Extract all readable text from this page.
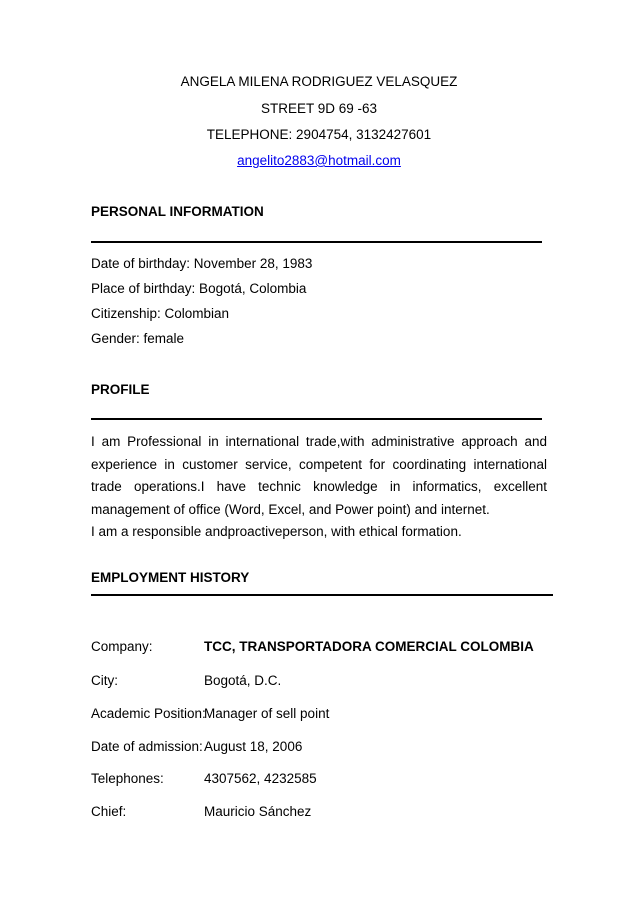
ANGELA MILENA RODRIGUEZ VELASQUEZ
STREET 9D 69 -63
TELEPHONE: 2904754, 3132427601
angelito2883@hotmail.com
PERSONAL INFORMATION
Date of birthday: November 28, 1983
Place of birthday: Bogotá, Colombia
Citizenship: Colombian
Gender: female
PROFILE

I am Professional in international trade,with administrative approach and experience in customer service, competent for coordinating international trade operations.I have technic knowledge in informatics, excellent management of office (Word, Excel, and Power point) and internet.

I am a responsible andproactiveperson, with ethical formation.

EMPLOYMENT HISTORY
Company:	TCC, TRANSPORTADORA COMERCIAL COLOMBIA
City:	Bogotá, D.C.
Academic Position:Manager of sell point
Date of admission:August 18, 2006
Telephones:	4307562, 4232585
Chief:	Mauricio Sánchez
